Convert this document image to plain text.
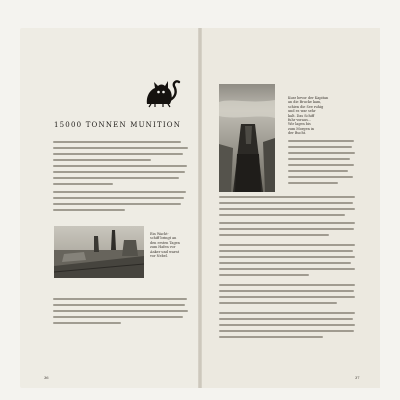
15000 TONNEN MUNITION
Ein Wacht-
schiff bringt an
den ersten Tagen
zum Hafen vor
Anker und warnt
vor Nebel.
36
Kurz bevor der Kapitan
an die Brucke kam,
schien die See ruhig
und es war sehr
kalt. Das Schiff
fuhr voraus...
Wir lagen bis
zum Morgen in
der Bucht.
37
